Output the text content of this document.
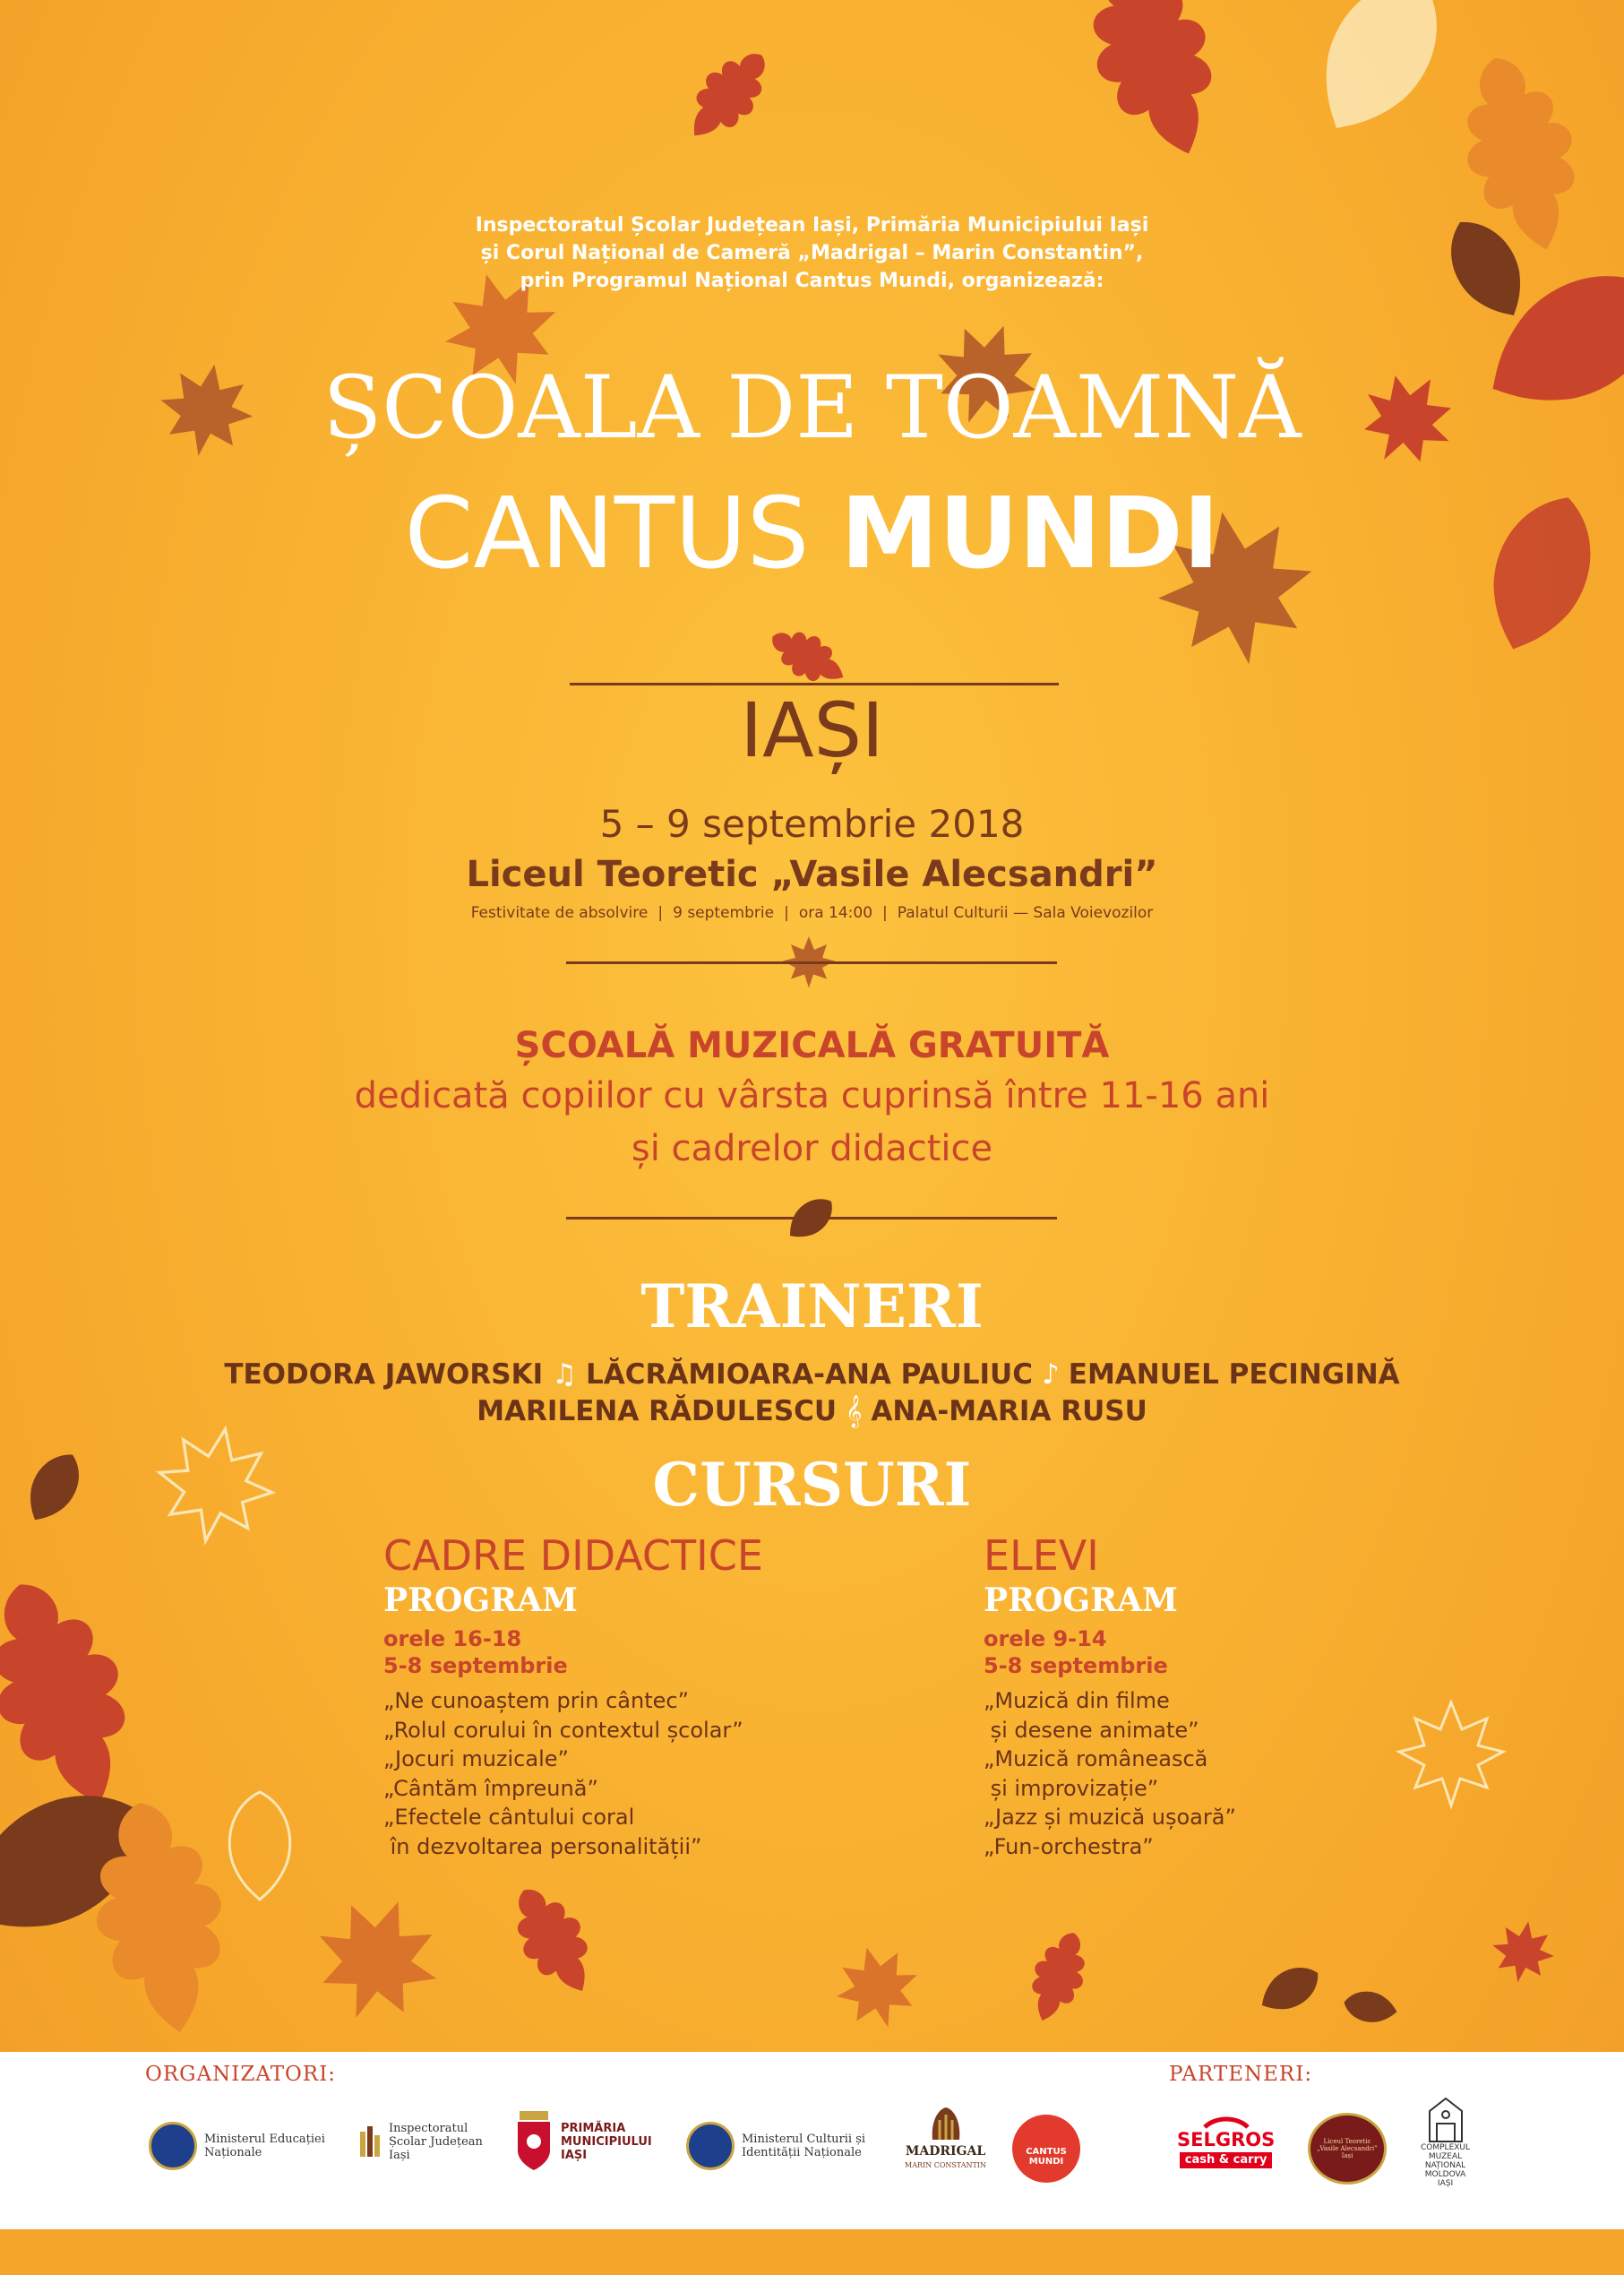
Inspectoratul Școlar Județean Iași, Primăria Municipiului Iași
și Corul Național de Cameră „Madrigal – Marin Constantin”,
prin Programul Național Cantus Mundi, organizează:
ȘCOALA DE TOAMNĂ
CANTUS MUNDI
IAȘI
5 – 9 septembrie 2018
Liceul Teoretic „Vasile Alecsandri”
Festivitate de absolvire | 9 septembrie | ora 14:00 | Palatul Culturii — Sala Voievozilor
ȘCOALĂ MUZICALĂ GRATUITĂ
dedicată copiilor cu vârsta cuprinsă între 11-16 ani
și cadrelor didactice
TRAINERI
TEODORA JAWORSKI ♫ LĂCRĂMIOARA-ANA PAULIUC ♪ EMANUEL PECINGINĂ
MARILENA RĂDULESCU 𝄞 ANA-MARIA RUSU
CURSURI
CADRE DIDACTICE
PROGRAM
orele 16-18
5-8 septembrie
„Ne cunoaștem prin cântec”
„Rolul corului în contextul școlar”
„Jocuri muzicale”
„Cântăm împreună”
„Efectele cântului coral
în dezvoltarea personalității”
ELEVI
PROGRAM
orele 9-14
5-8 septembrie
„Muzică din filme
și desene animate”
„Muzică românească
și improvizație”
„Jazz și muzică ușoară”
„Fun-orchestra”
ORGANIZATORI:	PARTENERI:
Ministerul Educației
Naționale
Inspectoratul
Școlar Județean
Iași
PRIMĂRIA
MUNICIPIULUI
IAȘI
Ministerul Culturii și
Identității Naționale	MADRIGAL
MARIN CONSTANTIN
CANTUS
MUNDI
SELGROS
cash & carry
Liceul Teoretic
„Vasile Alecsandri”
Iași
COMPLEXUL
MUZEAL
NAȚIONAL
MOLDOVA
IAȘI
